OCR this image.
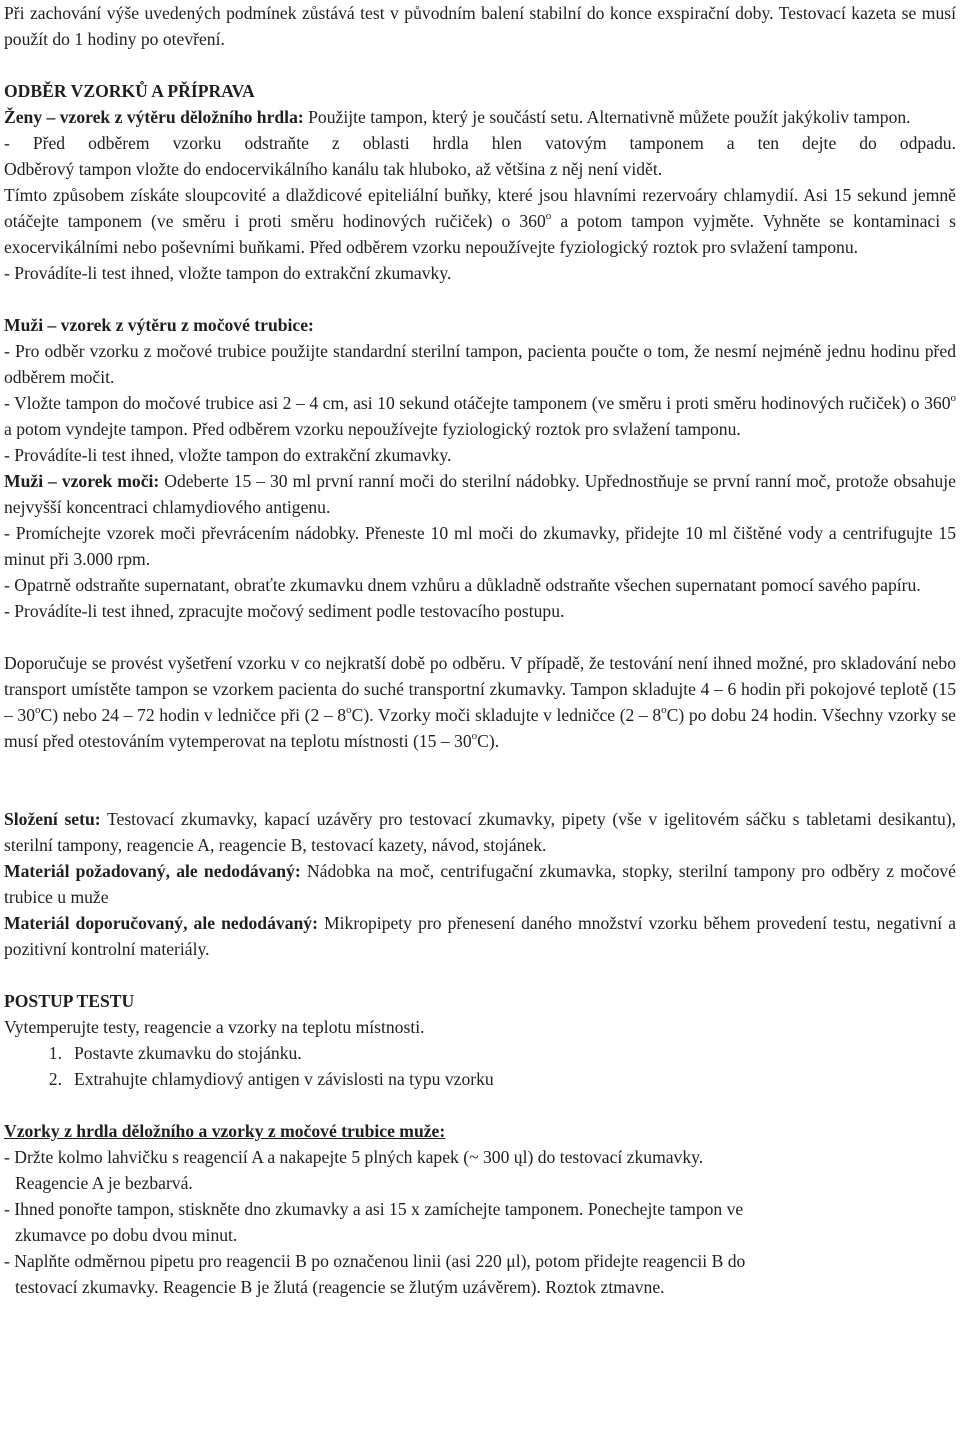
Při zachování výše uvedených podmínek zůstává test v původním balení stabilní do konce exspirační doby. Testovací kazeta se musí použít do 1 hodiny po otevření.

ODBĚR VZORKŮ A PŘÍPRAVA

Ženy – vzorek z výtěru děložního hrdla: Použijte tampon, který je součástí setu. Alternativně můžete použít jakýkoliv tampon.

- Před odběrem vzorku odstraňte z oblasti hrdla hlen vatovým tamponem a ten dejte do odpadu.

Odběrový tampon vložte do endocervikálního kanálu tak hluboko, až většina z něj není vidět.

Tímto způsobem získáte sloupcovité a dlaždicové epiteliální buňky, které jsou hlavními rezervoáry chlamydií. Asi 15 sekund jemně otáčejte tamponem (ve směru i proti směru hodinových ručiček) o 360$^o$ a potom tampon vyjměte. Vyhněte se kontaminaci s exocervikálními nebo poševními buňkami. Před odběrem vzorku nepoužívejte fyziologický roztok pro svlažení tamponu.

- Provádíte-li test ihned, vložte tampon do extrakční zkumavky.

Muži – vzorek z výtěru z močové trubice:

- Pro odběr vzorku z močové trubice použijte standardní sterilní tampon, pacienta poučte o tom, že nesmí nejméně jednu hodinu před odběrem močit.

- Vložte tampon do močové trubice asi 2 – 4 cm, asi 10 sekund otáčejte tamponem (ve směru i proti směru hodinových ručiček) o 360$^o$ a potom vyndejte tampon. Před odběrem vzorku nepoužívejte fyziologický roztok pro svlažení tamponu.

- Provádíte-li test ihned, vložte tampon do extrakční zkumavky.

Muži – vzorek moči: Odeberte 15 – 30 ml první ranní moči do sterilní nádobky. Upřednostňuje se první ranní moč, protože obsahuje nejvyšší koncentraci chlamydiového antigenu.

- Promíchejte vzorek moči převrácením nádobky. Přeneste 10 ml moči do zkumavky, přidejte 10 ml čištěné vody a centrifugujte 15 minut při 3.000 rpm.

- Opatrně odstraňte supernatant, obraťte zkumavku dnem vzhůru a důkladně odstraňte všechen supernatant pomocí savého papíru.

- Provádíte-li test ihned, zpracujte močový sediment podle testovacího postupu.

Doporučuje se provést vyšetření vzorku v co nejkratší době po odběru. V případě, že testování není ihned možné, pro skladování nebo transport umístěte tampon se vzorkem pacienta do suché transportní zkumavky. Tampon skladujte 4 – 6 hodin při pokojové teplotě (15 – 30$^o$C) nebo 24 – 72 hodin v ledničce při (2 – 8$^o$C). Vzorky moči skladujte v ledničce (2 – 8$^o$C) po dobu 24 hodin. Všechny vzorky se musí před otestováním vytemperovat na teplotu místnosti (15 – 30$^o$C).

Složení setu: Testovací zkumavky, kapací uzávěry pro testovací zkumavky, pipety (vše v igelitovém sáčku s tabletami desikantu), sterilní tampony, reagencie A, reagencie B, testovací kazety, návod, stojánek.

Materiál požadovaný, ale nedodávaný: Nádobka na moč, centrifugační zkumavka, stopky, sterilní tampony pro odběry z močové trubice u muže

Materiál doporučovaný, ale nedodávaný: Mikropipety pro přenesení daného množství vzorku během provedení testu, negativní a pozitivní kontrolní materiály.

POSTUP TESTU

Vytemperujte testy, reagencie a vzorky na teplotu místnosti.

1. Postavte zkumavku do stojánku.
2. Extrahujte chlamydiový antigen v závislosti na typu vzorku

Vzorky z hrdla děložního a vzorky z močové trubice muže:

- Držte kolmo lahvičku s reagencií A a nakapejte 5 plných kapek (~ 300 ųl) do testovací zkumavky.

Reagencie A je bezbarvá.

- Ihned ponořte tampon, stiskněte dno zkumavky a asi 15 x zamíchejte tamponem. Ponechejte tampon ve

zkumavce po dobu dvou minut.

- Naplňte odměrnou pipetu pro reagencii B po označenou linii (asi 220 μl), potom přidejte reagencii B do

testovací zkumavky. Reagencie B je žlutá (reagencie se žlutým uzávěrem). Roztok ztmavne.
